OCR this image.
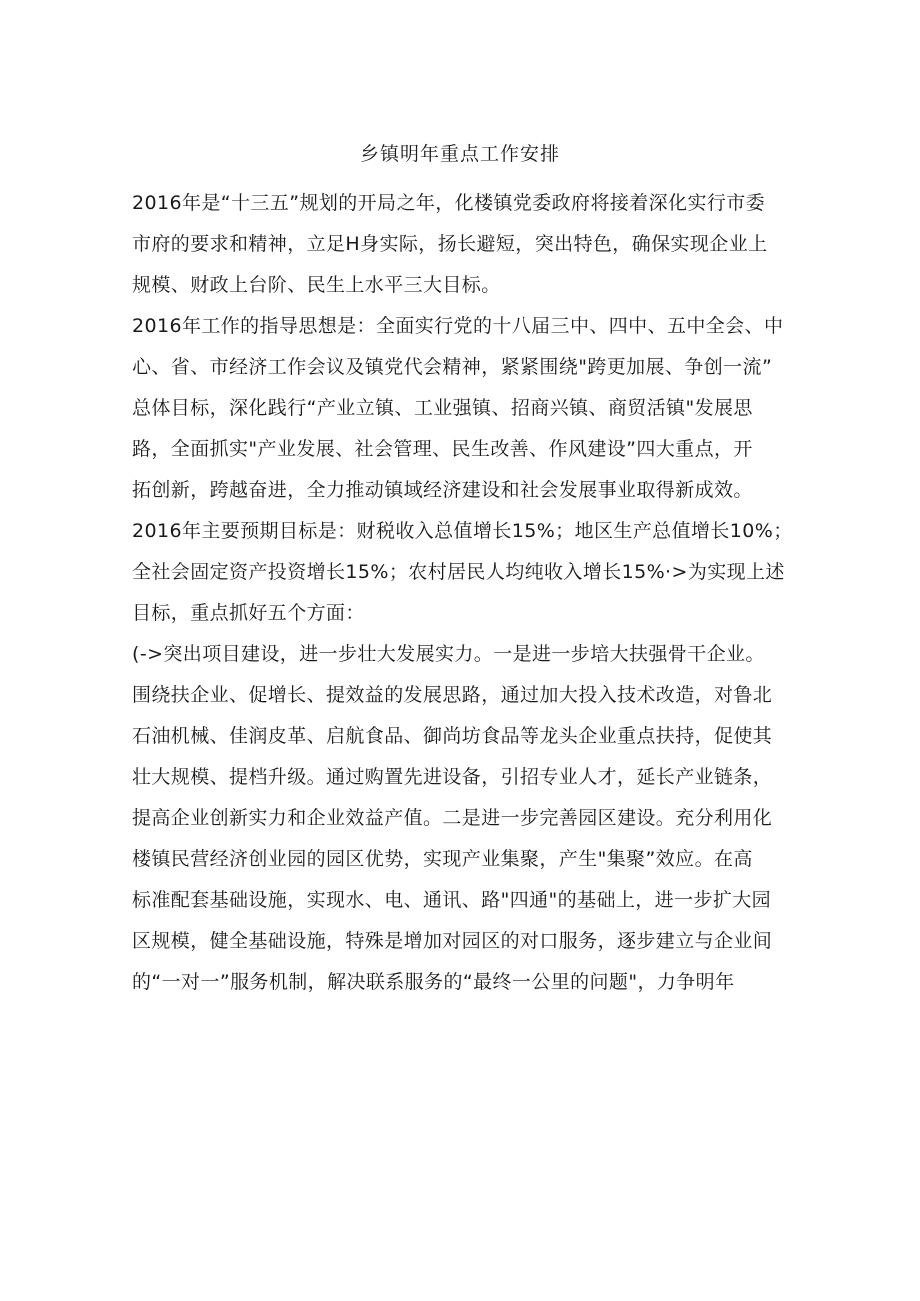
乡镇明年重点工作安排

2016年是“十三五”规划的开局之年，化楼镇党委政府将接着深化实行市委
市府的要求和精神，立足H身实际，扬长避短，突出特色，确保实现企业上
规模、财政上台阶、民生上水平三大目标。

2016年工作的指导思想是：全面实行党的十八届三中、四中、五中全会、中
心、省、市经济工作会议及镇党代会精神，紧紧围绕"跨更加展、争创一流”
总体目标，深化践行“产业立镇、工业强镇、招商兴镇、商贸活镇"发展思
路，全面抓实"产业发展、社会管理、民生改善、作风建设”四大重点，开
拓创新，跨越奋进，全力推动镇域经济建设和社会发展事业取得新成效。

2016年主要预期目标是：财税收入总值增长15%；地区生产总值增长10%；
全社会固定资产投资增长15%；农村居民人均纯收入增长15%·>为实现上述
目标，重点抓好五个方面：

(->突出项目建设，进一步壮大发展实力。一是进一步培大扶强骨干企业。
围绕扶企业、促增长、提效益的发展思路，通过加大投入技术改造，对鲁北
石油机械、佳润皮革、启航食品、御尚坊食品等龙头企业重点扶持，促使其
壮大规模、提档升级。通过购置先进设备，引招专业人才，延长产业链条，
提高企业创新实力和企业效益产值。二是进一步完善园区建设。充分利用化
楼镇民营经济创业园的园区优势，实现产业集聚，产生"集聚”效应。在高
标准配套基础设施，实现水、电、通讯、路"四通"的基础上，进一步扩大园
区规模，健全基础设施，特殊是增加对园区的对口服务，逐步建立与企业间
的“一对一”服务机制，解决联系服务的“最终一公里的问题"，力争明年
